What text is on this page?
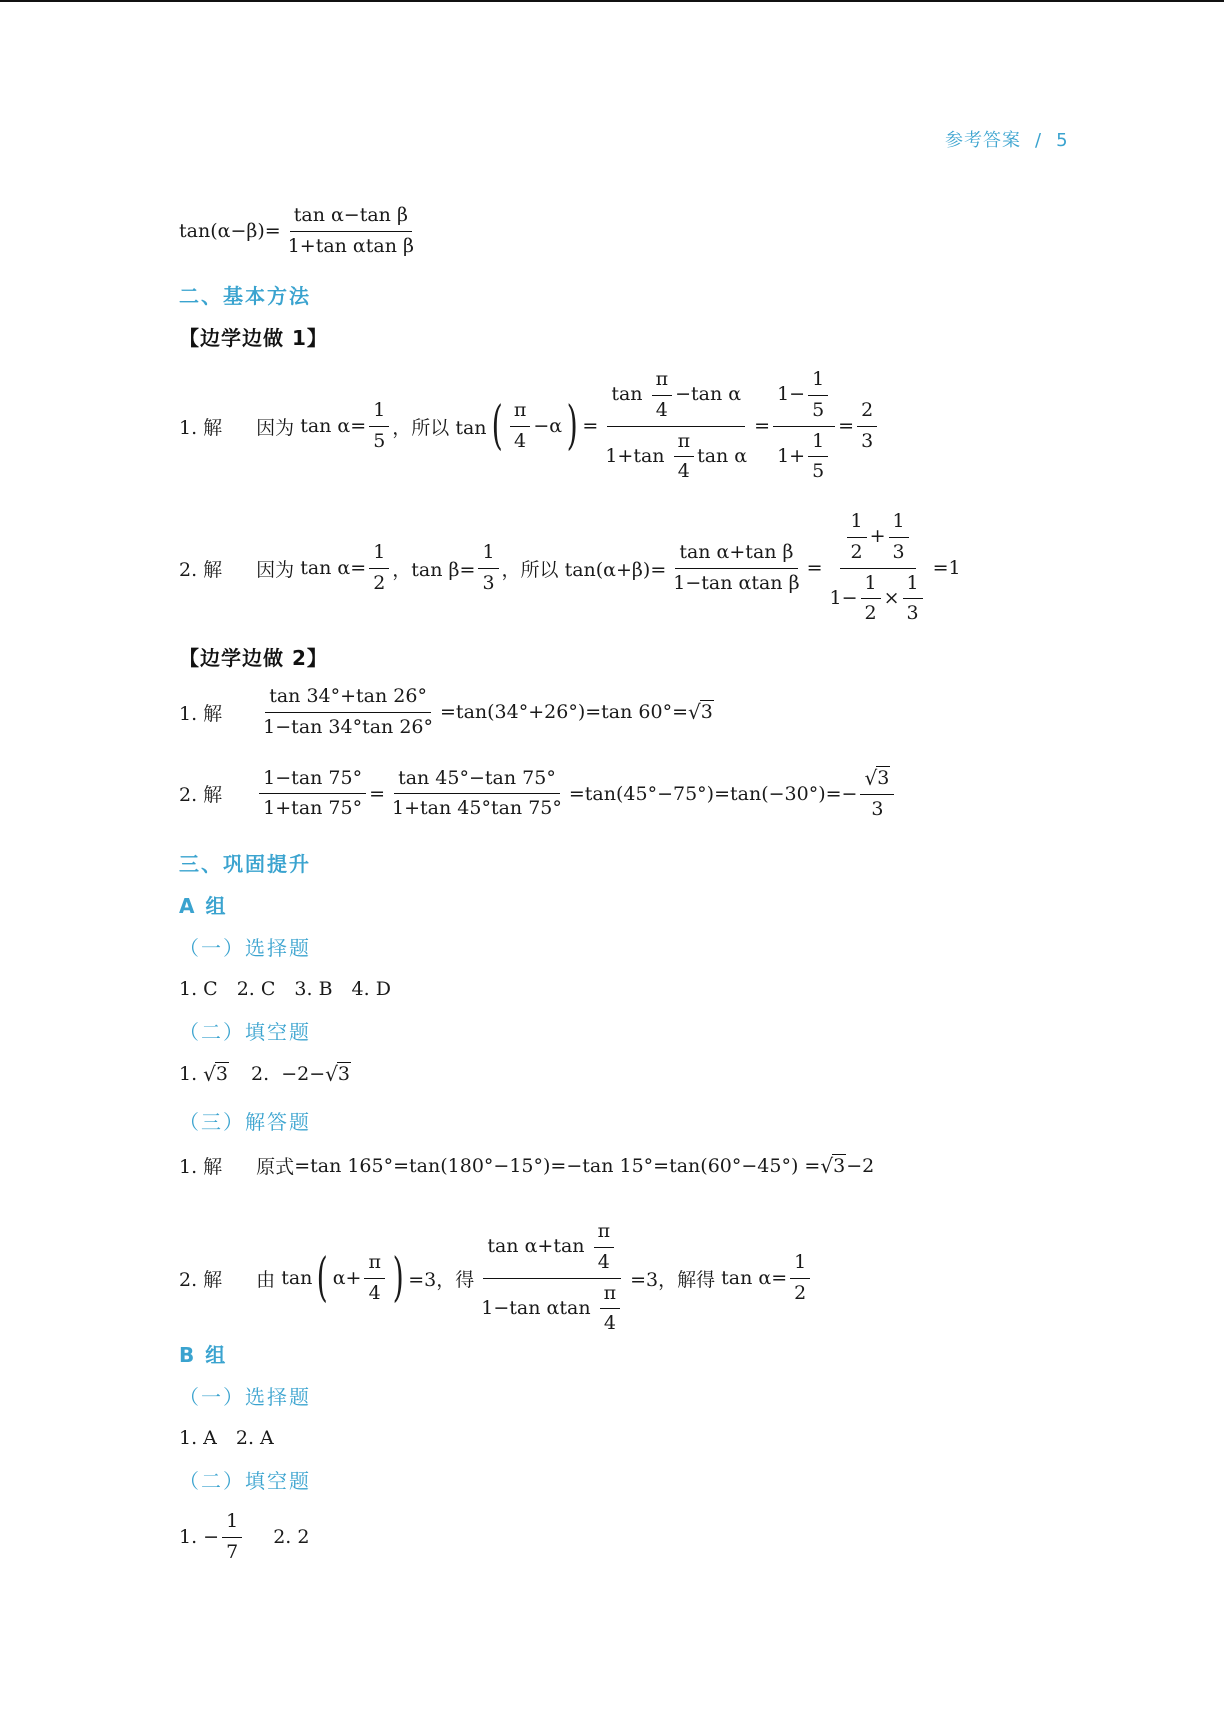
参考答案 / 5
$\tan(\alpha-\beta)= \frac{\text{tan α−tan β}}{\text{1+tan αtan β}}$
二、基本方法
【边学边做 1】
1. 解 因为 $\tan \alpha= \frac{1}{5}$ ，所以 tan ( π
4
−α ) = tan
π
4
−tan α
1+tan
π
4
tan α = 1−
1
5
1+
1
$5 = \frac{2}{3}$
2. 解 因为 $\tan \alpha= \frac{1}{2}$ ，$\tan \beta= \frac{1}{3}$ ，所以 $\tan(\alpha+\beta)= \frac{\text{tan α+tan β}}{\text{1−tan αtan β}} = 1$
2
+
1
3
1−
1
2
×
1
3 =1
【边学边做 2】
1. 解 $\frac{\tan 34^\circ+\tan 26^\circ}{1-\tan 34^\circ\tan 26^\circ} =\tan(34^\circ+26^\circ)=\tan$ 60°= √ 3
2. 解 $\frac{1-\tan 75^\circ}{1+\tan 75^\circ} = \frac{\tan 45^\circ-\tan 75^\circ}{1+\tan 45^\circ\tan 75^\circ} =\tan(45^\circ-75^\circ)=\tan(-30^\circ)=- \frac{√ 3}{3}$
三、巩固提升
A 组
（一）选择题
1. C　2. C　3. B　4. D
（二）填空题
1. √ 3 2.  −2− √ 3
（三）解答题
1. 解 原式 =tan 165°=tan(180°−15°)=−tan 15°=tan(60°−45°) = √ 3 −2
2. 解 由 tan ( $\alpha+ \frac{\pi}{4}$ ) =3， 得 tan α+tan
π
4
1−tan αtan
π
4 =3， 解得 $\tan \alpha= \frac{1}{2}$
B 组
（一）选择题
1. A　2. A
（二）填空题
1. − $\frac{1}{7} 2$. 2
